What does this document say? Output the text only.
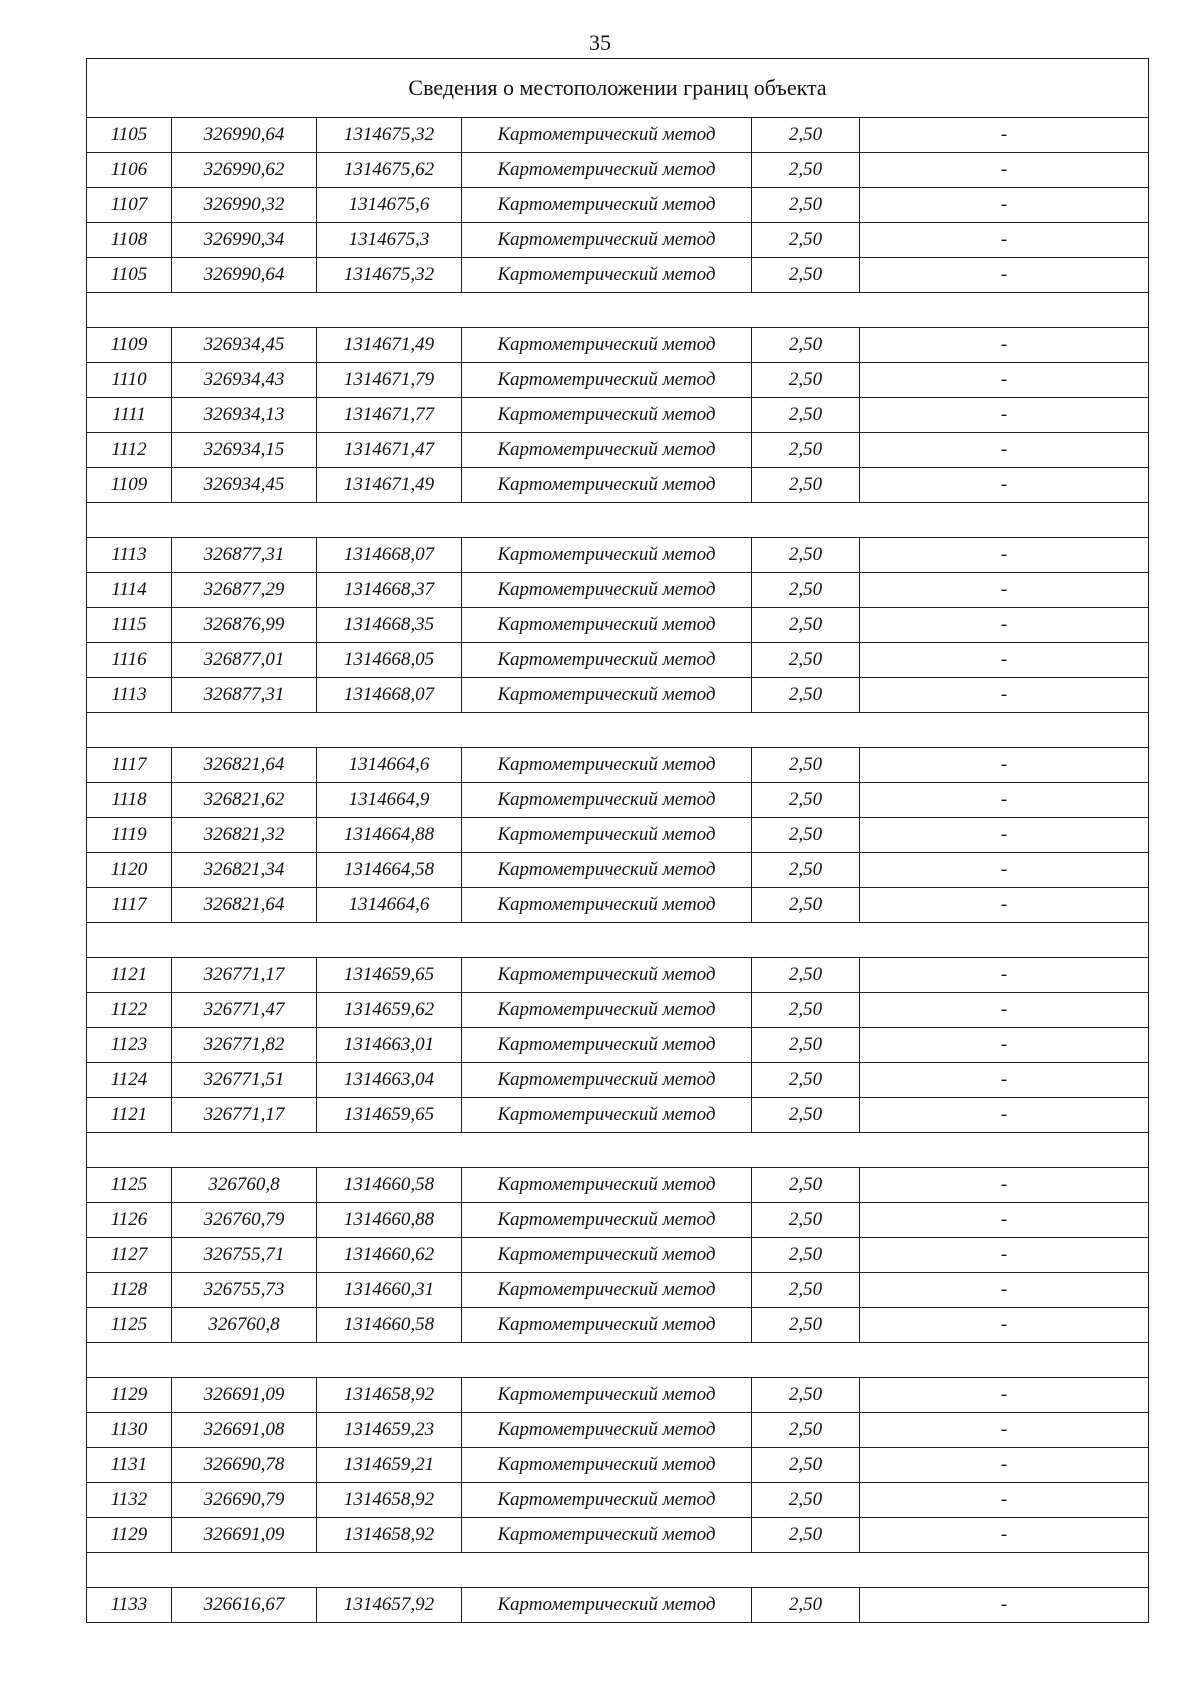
35
Сведения о местоположении границ объекта					
1105	326990,64	1314675,32	Картометрический метод	2,50	-
1106	326990,62	1314675,62	Картометрический метод	2,50	-
1107	326990,32	1314675,6	Картометрический метод	2,50	-
1108	326990,34	1314675,3	Картометрический метод	2,50	-
1105	326990,64	1314675,32	Картометрический метод	2,50	-

1109	326934,45	1314671,49	Картометрический метод	2,50	-
1110	326934,43	1314671,79	Картометрический метод	2,50	-
1111	326934,13	1314671,77	Картометрический метод	2,50	-
1112	326934,15	1314671,47	Картометрический метод	2,50	-
1109	326934,45	1314671,49	Картометрический метод	2,50	-

1113	326877,31	1314668,07	Картометрический метод	2,50	-
1114	326877,29	1314668,37	Картометрический метод	2,50	-
1115	326876,99	1314668,35	Картометрический метод	2,50	-
1116	326877,01	1314668,05	Картометрический метод	2,50	-
1113	326877,31	1314668,07	Картометрический метод	2,50	-

1117	326821,64	1314664,6	Картометрический метод	2,50	-
1118	326821,62	1314664,9	Картометрический метод	2,50	-
1119	326821,32	1314664,88	Картометрический метод	2,50	-
1120	326821,34	1314664,58	Картометрический метод	2,50	-
1117	326821,64	1314664,6	Картометрический метод	2,50	-

1121	326771,17	1314659,65	Картометрический метод	2,50	-
1122	326771,47	1314659,62	Картометрический метод	2,50	-
1123	326771,82	1314663,01	Картометрический метод	2,50	-
1124	326771,51	1314663,04	Картометрический метод	2,50	-
1121	326771,17	1314659,65	Картометрический метод	2,50	-

1125	326760,8	1314660,58	Картометрический метод	2,50	-
1126	326760,79	1314660,88	Картометрический метод	2,50	-
1127	326755,71	1314660,62	Картометрический метод	2,50	-
1128	326755,73	1314660,31	Картометрический метод	2,50	-
1125	326760,8	1314660,58	Картометрический метод	2,50	-

1129	326691,09	1314658,92	Картометрический метод	2,50	-
1130	326691,08	1314659,23	Картометрический метод	2,50	-
1131	326690,78	1314659,21	Картометрический метод	2,50	-
1132	326690,79	1314658,92	Картометрический метод	2,50	-
1129	326691,09	1314658,92	Картометрический метод	2,50	-

1133	326616,67	1314657,92	Картометрический метод	2,50	-
